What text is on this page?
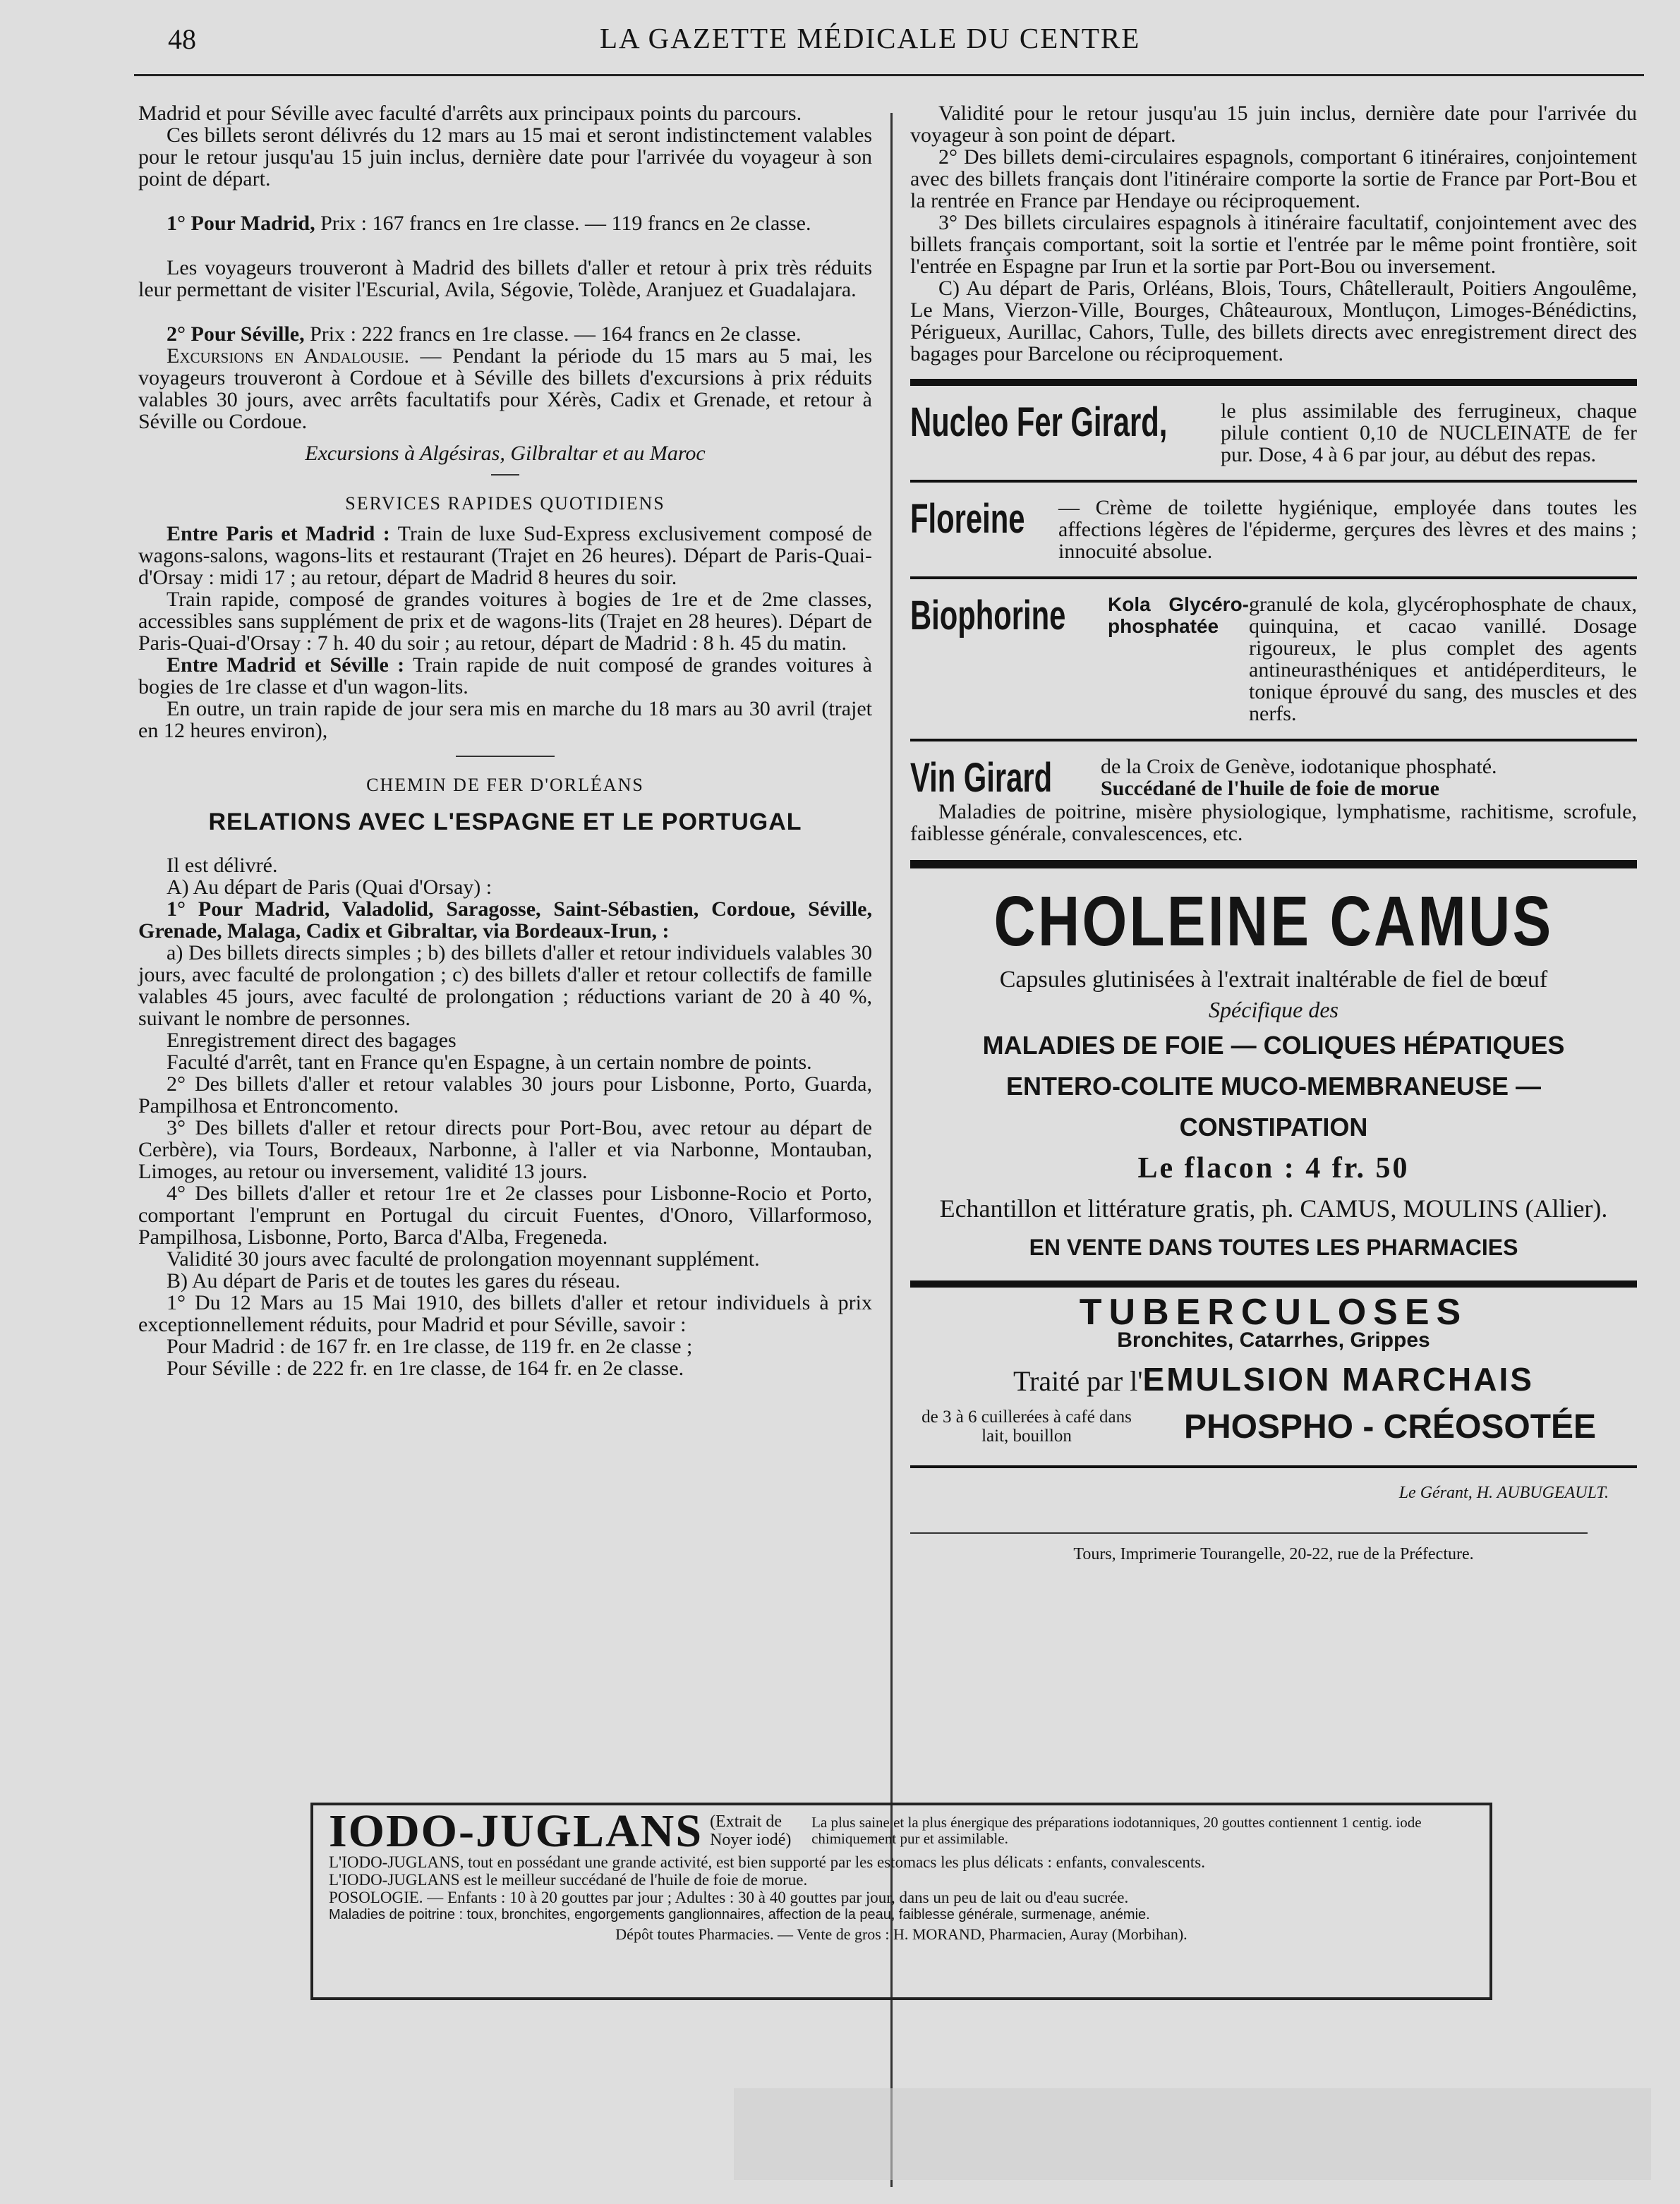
48	LA GAZETTE MÉDICALE DU CENTRE

Madrid et pour Séville avec faculté d'arrêts aux principaux points du parcours.

Ces billets seront délivrés du 12 mars au 15 mai et seront indistinctement valables pour le retour jusqu'au 15 juin inclus, dernière date pour l'arrivée du voyageur à son point de départ.

1° Pour Madrid, Prix : 167 francs en 1re classe. — 119 francs en 2e classe.

Les voyageurs trouveront à Madrid des billets d'aller et retour à prix très réduits leur permettant de visiter l'Escurial, Avila, Ségovie, Tolède, Aranjuez et Guadalajara.

2° Pour Séville, Prix : 222 francs en 1re classe. — 164 francs en 2e classe.

Excursions en Andalousie. — Pendant la période du 15 mars au 5 mai, les voyageurs trouveront à Cordoue et à Séville des billets d'excursions à prix réduits valables 30 jours, avec arrêts facultatifs pour Xérès, Cadix et Grenade, et retour à Séville ou Cordoue.

Excursions à Algésiras, Gilbraltar et au Maroc

SERVICES RAPIDES QUOTIDIENS

Entre Paris et Madrid : Train de luxe Sud-Express exclusivement composé de wagons-salons, wagons-lits et restaurant (Trajet en 26 heures). Départ de Paris-Quai-d'Orsay : midi 17 ; au retour, départ de Madrid 8 heures du soir.

Train rapide, composé de grandes voitures à bogies de 1re et de 2me classes, accessibles sans supplément de prix et de wagons-lits (Trajet en 28 heures). Départ de Paris-Quai-d'Orsay : 7 h. 40 du soir ; au retour, départ de Madrid : 8 h. 45 du matin.

Entre Madrid et Séville : Train rapide de nuit composé de grandes voitures à bogies de 1re classe et d'un wagon-lits.

En outre, un train rapide de jour sera mis en marche du 18 mars au 30 avril (trajet en 12 heures environ),

CHEMIN DE FER D'ORLÉANS

RELATIONS AVEC L'ESPAGNE ET LE PORTUGAL

Il est délivré.

A) Au départ de Paris (Quai d'Orsay) :

1° Pour Madrid, Valadolid, Saragosse, Saint-Sébastien, Cordoue, Séville, Grenade, Malaga, Cadix et Gibraltar, via Bordeaux-Irun, :

a) Des billets directs simples ; b) des billets d'aller et retour individuels valables 30 jours, avec faculté de prolongation ; c) des billets d'aller et retour collectifs de famille valables 45 jours, avec faculté de prolongation ; réductions variant de 20 à 40 %, suivant le nombre de personnes.

Enregistrement direct des bagages

Faculté d'arrêt, tant en France qu'en Espagne, à un certain nombre de points.

2° Des billets d'aller et retour valables 30 jours pour Lisbonne, Porto, Guarda, Pampilhosa et Entroncomento.

3° Des billets d'aller et retour directs pour Port-Bou, avec retour au départ de Cerbère), via Tours, Bordeaux, Narbonne, à l'aller et via Narbonne, Montauban, Limoges, au retour ou inversement, validité 13 jours.

4° Des billets d'aller et retour 1re et 2e classes pour Lisbonne-Rocio et Porto, comportant l'emprunt en Portugal du circuit Fuentes, d'Onoro, Villarformoso, Pampilhosa, Lisbonne, Porto, Barca d'Alba, Fregeneda.

Validité 30 jours avec faculté de prolongation moyennant supplément.

B) Au départ de Paris et de toutes les gares du réseau.

1° Du 12 Mars au 15 Mai 1910, des billets d'aller et retour individuels à prix exceptionnellement réduits, pour Madrid et pour Séville, savoir :

Pour Madrid : de 167 fr. en 1re classe, de 119 fr. en 2e classe ;

Pour Séville : de 222 fr. en 1re classe, de 164 fr. en 2e classe.

Validité pour le retour jusqu'au 15 juin inclus, dernière date pour l'arrivée du voyageur à son point de départ.

2° Des billets demi-circulaires espagnols, comportant 6 itinéraires, conjointement avec des billets français dont l'itinéraire comporte la sortie de France par Port-Bou et la rentrée en France par Hendaye ou réciproquement.

3° Des billets circulaires espagnols à itinéraire facultatif, conjointement avec des billets français comportant, soit la sortie et l'entrée par le même point frontière, soit l'entrée en Espagne par Irun et la sortie par Port-Bou ou inversement.

C) Au départ de Paris, Orléans, Blois, Tours, Châtellerault, Poitiers Angoulême, Le Mans, Vierzon-Ville, Bourges, Châteauroux, Montluçon, Limoges-Bénédictins, Périgueux, Aurillac, Cahors, Tulle, des billets directs avec enregistrement direct des bagages pour Barcelone ou réciproquement.

Nucleo Fer Girard,	le plus assimilable des ferrugineux, chaque pilule contient 0,10 de NUCLEINATE de fer pur. Dose, 4 à 6 par jour, au début des repas.
Floreine — Crème de toilette hygiénique, employée dans toutes les affections légères de l'épiderme, gerçures des lèvres et des mains ; innocuité absolue.
Biophorine Kola Glycéro-phosphatée
granulé de kola, glycérophosphate de chaux, quinquina, et cacao vanillé. Dosage rigoureux, le plus complet des agents antineurasthéniques et antidéperditeurs, le tonique éprouvé du sang, des muscles et des nerfs.
Vin Girard de la Croix de Genève, iodotanique phosphaté.
Succédané de l'huile de foie de morue

Maladies de poitrine, misère physiologique, lymphatisme, rachitisme, scrofule, faiblesse générale, convalescences, etc.

CHOLEINE CAMUS

Capsules glutinisées à l'extrait inaltérable de fiel de bœuf

Spécifique des

MALADIES DE FOIE — COLIQUES HÉPATIQUES

ENTERO-COLITE MUCO-MEMBRANEUSE — CONSTIPATION

Le flacon : 4 fr. 50

Echantillon et littérature gratis, ph. CAMUS, MOULINS (Allier).

EN VENTE DANS TOUTES LES PHARMACIES

TUBERCULOSES

Bronchites, Catarrhes, Grippes

Traité par l'EMULSION MARCHAIS

de 3 à 6 cuillerées à café dans lait, bouillon	PHOSPHO - CRÉOSOTÉE

Le Gérant, H. AUBUGEAULT.

Tours, Imprimerie Tourangelle, 20-22, rue de la Préfecture.

IODO-JUGLANS (Extrait de Noyer iodé)
La plus saine et la plus énergique des préparations iodotanniques, 20 gouttes contiennent 1 centig. iode chimiquement pur et assimilable.

L'IODO-JUGLANS, tout en possédant une grande activité, est bien supporté par les estomacs les plus délicats : enfants, convalescents.

L'IODO-JUGLANS est le meilleur succédané de l'huile de foie de morue.

POSOLOGIE. — Enfants : 10 à 20 gouttes par jour ; Adultes : 30 à 40 gouttes par jour, dans un peu de lait ou d'eau sucrée.

Maladies de poitrine : toux, bronchites, engorgements ganglionnaires, affection de la peau, faiblesse générale, surmenage, anémie.

Dépôt toutes Pharmacies. — Vente de gros : H. MORAND, Pharmacien, Auray (Morbihan).
